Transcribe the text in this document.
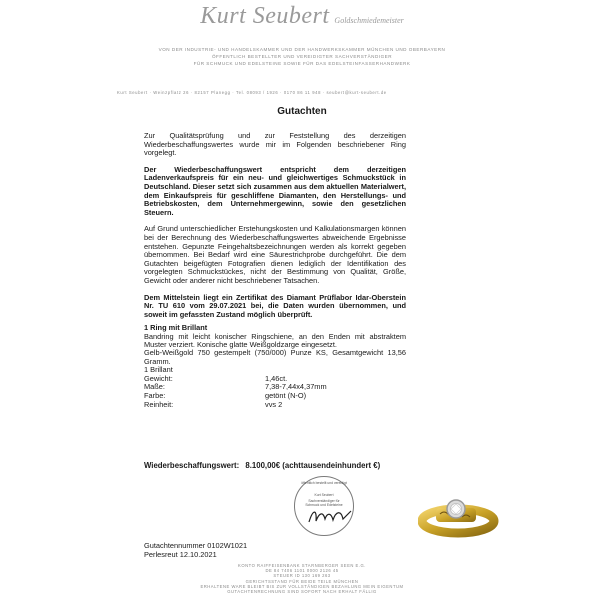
Kurt Seubert Goldschmiedemeister
VON DER INDUSTRIE- UND HANDELSKAMMER UND DER HANDWERKSKAMMER MÜNCHEN UND OBERBAYERN
ÖFFENTLICH BESTELLTER UND VEREIDIGTER SACHVERSTÄNDIGER
FÜR SCHMUCK UND EDELSTEINE SOWIE FÜR DAS EDELSTEINFASSERHANDWERK
Kurt Seubert · Weinzpflatz 26 · 82157 Planegg · Tel. 08093 / 1926 · 0170 86 11 948 · seubert@kurt-seubert.de
Gutachten

Zur Qualitätsprüfung und zur Feststellung des derzeitigen Wiederbeschaffungswertes wurde mir im Folgenden beschriebener Ring vorgelegt.

Der Wiederbeschaffungswert entspricht dem derzeitigen Ladenverkaufspreis für ein neu- und gleichwertiges Schmuckstück in Deutschland. Dieser setzt sich zusammen aus dem aktuellen Materialwert, dem Einkaufspreis für geschliffene Diamanten, den Herstellungs- und Betriebskosten, dem Unternehmergewinn, sowie den gesetzlichen Steuern.

Auf Grund unterschiedlicher Erstehungskosten und Kalkulationsmargen können bei der Berechnung des Wiederbeschaffungswertes abweichende Ergebnisse entstehen. Gepunzte Feingehaltsbezeichnungen werden als korrekt gegeben übernommen. Bei Bedarf wird eine Säurestrichprobe durchgeführt. Die dem Gutachten beigefügten Fotografien dienen lediglich der Identifikation des vorgelegten Schmuckstückes, nicht der Bestimmung von Qualität, Größe, Gewicht oder anderer nicht beschriebener Tatsachen.

Dem Mittelstein liegt ein Zertifikat des Diamant Prüflabor Idar-Oberstein Nr. TU 610 vom 29.07.2021 bei, die Daten wurden übernommen, und soweit im gefassten Zustand möglich überprüft.

1 Ring mit Brillant
Bandring mit leicht konischer Ringschiene, an den Enden mit abstraktem Muster verziert. Konische glatte Weißgoldzarge eingesetzt.
Gelb-Weißgold 750 gestempelt (750/000) Punze KS, Gesamtgewicht 13,56 Gramm.
1 Brillant
Gewicht:	1,46ct.
Maße:	7,38-7,44x4,37mm
Farbe:	getönt (N-O)
Reinheit:	vvs 2
Wiederbeschaffungswert: 8.100,00€ (achttausendeinhundert €)
öffentlich bestellt und vereidigt
Kurt Seubert
Sachverständiger für Schmuck und Edelsteine
Gutachtennummer 0102W1021
Perlesreut 12.10.2021
KONTO RAIFFEISENBANK STARNBERGER SEEN E.G.
DE 84 7406 1101 0000 2126 45
STEUER ID 130 169 263
GERICHTSSTAND FÜR BEIDE TEILE MÜNCHEN
ERHALTENE WARE BLEIBT BIS ZUR VOLLSTÄNDIGEN BEZAHLUNG MEIN EIGENTUM
GUTACHTENRECHNUNG SIND SOFORT NACH ERHALT FÄLLIG
